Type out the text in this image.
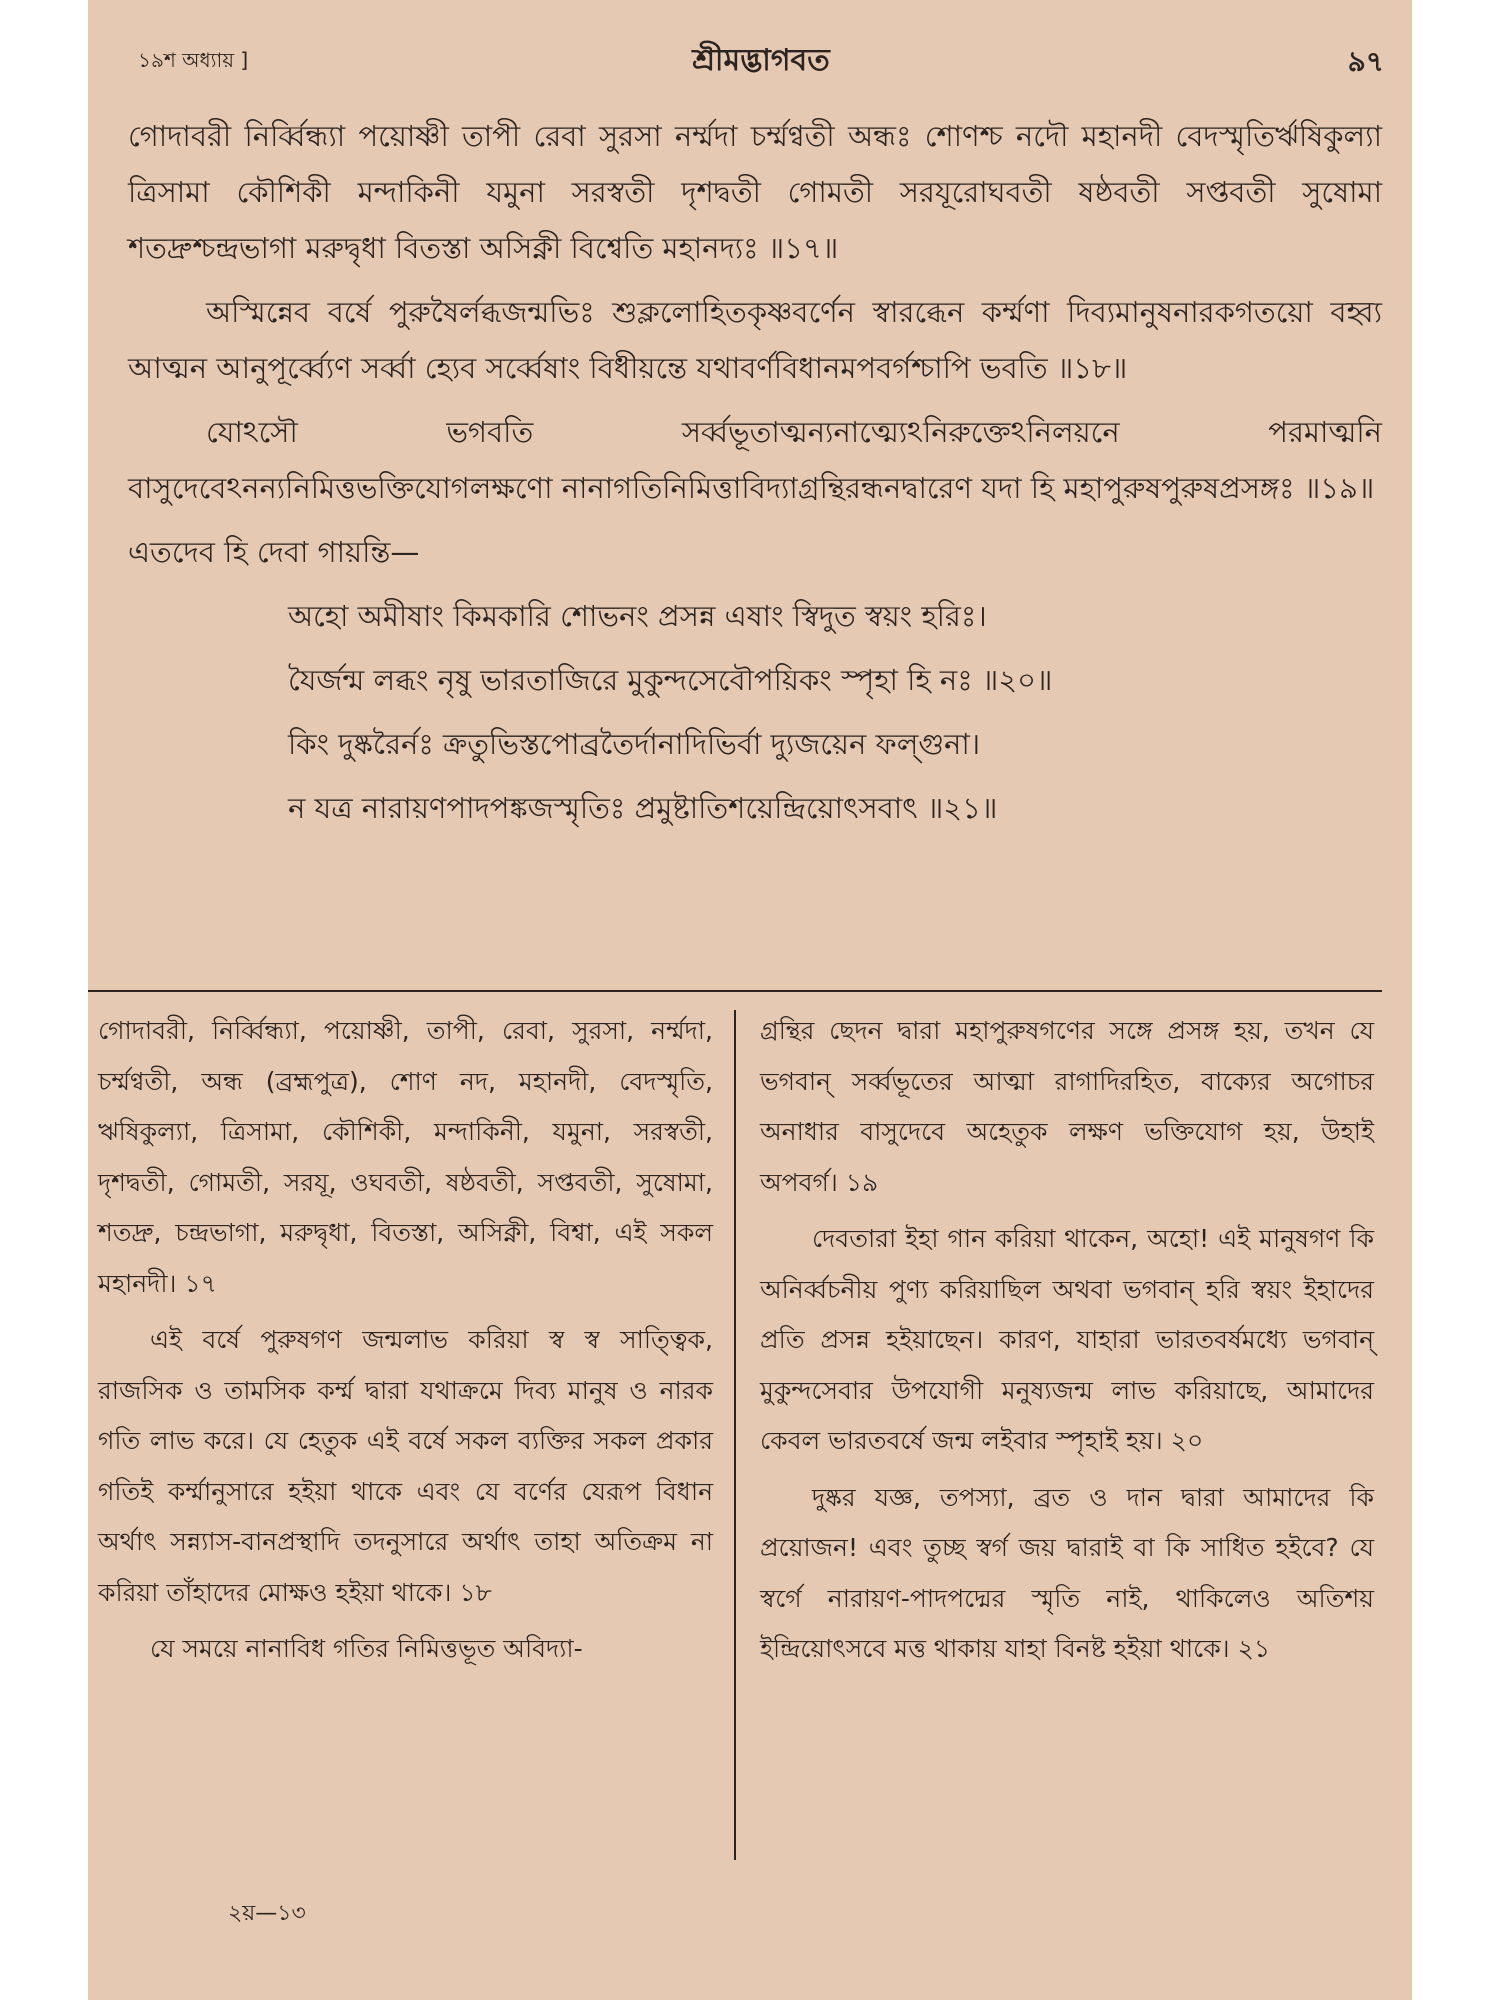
১৯শ অধ্যায় ]	শ্রীমদ্ভাগবত	৯৭

গোদাবরী নির্ব্বিন্ধ্যা পয়োষ্ণী তাপী রেবা সুরসা নর্ম্মদা চর্ম্মণ্বতী অন্ধঃ শোণশ্চ নদৌ মহানদী বেদস্মৃতির্ঋষিকুল্যা ত্রিসামা কৌশিকী মন্দাকিনী যমুনা সরস্বতী দৃশদ্বতী গোমতী সরযূরোঘবতী ষষ্ঠবতী সপ্তবতী সুষোমা শতদ্রুশ্চন্দ্রভাগা মরুদ্বৃধা বিতস্তা অসিক্নী বিশ্বেতি মহানদ্যঃ ॥১৭॥

অস্মিন্নেব বর্ষে পুরুষৈর্লব্ধজন্মভিঃ শুক্ললোহিতকৃষ্ণবর্ণেন স্বারব্ধেন কর্ম্মণা দিব্যমানুষনারকগতয়ো বহ্ব্য আত্মন আনুপূর্ব্ব্যেণ সর্ব্বা হ্যেব সর্ব্বেষাং বিধীয়ন্তে যথাবর্ণবিধানমপবর্গশ্চাপি ভবতি ॥১৮॥

যোঽসৌ ভগবতি সর্ব্বভূতাত্মন্যনাত্ম্যেঽনিরুক্তেঽনিলয়নে পরমাত্মনি বাসুদেবেঽনন্যনিমিত্তভক্তিযোগলক্ষণো নানাগতিনিমিত্তাবিদ্যাগ্রন্থিরন্ধনদ্বারেণ যদা হি মহাপুরুষপুরুষপ্রসঙ্গঃ ॥১৯॥

এতদেব হি দেবা গায়ন্তি—

অহো অমীষাং কিমকারি শোভনং প্রসন্ন এষাং স্বিদুত স্বয়ং হরিঃ।

যৈর্জন্ম লব্ধং নৃষু ভারতাজিরে মুকুন্দসেবৌপয়িকং স্পৃহা হি নঃ ॥২০॥

কিং দুষ্করৈর্নঃ ক্রতুভিস্তপোব্রতৈর্দানাদিভির্বা দ্যুজয়েন ফল্গুনা।

ন যত্র নারায়ণপাদপঙ্কজস্মৃতিঃ প্রমুষ্টাতিশয়েন্দ্রিয়োৎসবাৎ ॥২১॥

গোদাবরী, নির্ব্বিন্ধ্যা, পয়োষ্ণী, তাপী, রেবা, সুরসা, নর্ম্মদা, চর্ম্মণ্বতী, অন্ধ (ব্রহ্মপুত্র), শোণ নদ, মহানদী, বেদস্মৃতি, ঋষিকুল্যা, ত্রিসামা, কৌশিকী, মন্দাকিনী, যমুনা, সরস্বতী, দৃশদ্বতী, গোমতী, সরযূ, ওঘবতী, ষষ্ঠবতী, সপ্তবতী, সুষোমা, শতদ্রু, চন্দ্রভাগা, মরুদ্বৃধা, বিতস্তা, অসিক্নী, বিশ্বা, এই সকল মহানদী। ১৭

এই বর্ষে পুরুষগণ জন্মলাভ করিয়া স্ব স্ব সাত্ত্বিক, রাজসিক ও তামসিক কর্ম্ম দ্বারা যথাক্রমে দিব্য মানুষ ও নারক গতি লাভ করে। যে হেতুক এই বর্ষে সকল ব্যক্তির সকল প্রকার গতিই কর্ম্মানুসারে হইয়া থাকে এবং যে বর্ণের যেরূপ বিধান অর্থাৎ সন্ন্যাস-বানপ্রস্থাদি তদনুসারে অর্থাৎ তাহা অতিক্রম না করিয়া তাঁহাদের মোক্ষও হইয়া থাকে। ১৮

যে সময়ে নানাবিধ গতির নিমিত্তভূত অবিদ্যা-

গ্রন্থির ছেদন দ্বারা মহাপুরুষগণের সঙ্গে প্রসঙ্গ হয়, তখন যে ভগবান্ সর্ব্বভূতের আত্মা রাগাদিরহিত, বাক্যের অগোচর অনাধার বাসুদেবে অহেতুক লক্ষণ ভক্তিযোগ হয়, উহাই অপবর্গ। ১৯

দেবতারা ইহা গান করিয়া থাকেন, অহো! এই মানুষগণ কি অনির্ব্বচনীয় পুণ্য করিয়াছিল অথবা ভগবান্ হরি স্বয়ং ইহাদের প্রতি প্রসন্ন হইয়াছেন। কারণ, যাহারা ভারতবর্ষমধ্যে ভগবান্ মুকুন্দসেবার উপযোগী মনুষ্যজন্ম লাভ করিয়াছে, আমাদের কেবল ভারতবর্ষে জন্ম লইবার স্পৃহাই হয়। ২০

দুষ্কর যজ্ঞ, তপস্যা, ব্রত ও দান দ্বারা আমাদের কি প্রয়োজন! এবং তুচ্ছ স্বর্গ জয় দ্বারাই বা কি সাধিত হইবে? যে স্বর্গে নারায়ণ-পাদপদ্মের স্মৃতি নাই, থাকিলেও অতিশয় ইন্দ্রিয়োৎসবে মত্ত থাকায় যাহা বিনষ্ট হইয়া থাকে। ২১

২য়—১৩
